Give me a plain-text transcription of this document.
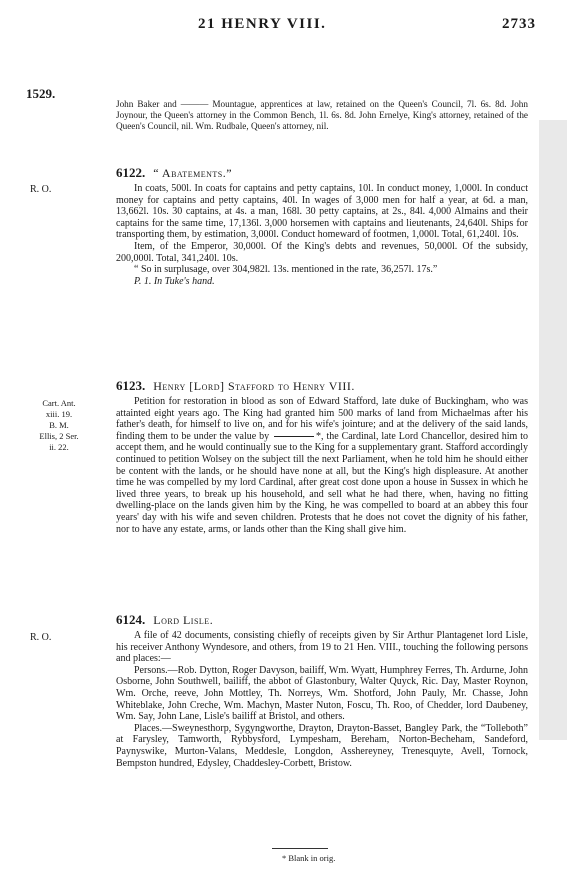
21 HENRY VIII.	2733
1529.

John Baker and ——— Mountague, apprentices at law, retained on the Queen's Council, 7l. 6s. 8d. John Joynour, the Queen's attorney in the Common Bench, 1l. 6s. 8d. John Ernelye, King's attorney, retained of the Queen's Council, nil. Wm. Rudbale, Queen's attorney, nil.

6122. “ Abatements.”
R. O.	In coats, 500l. In coats for captains and petty captains, 10l. In conduct money, 1,000l. In conduct money for captains and petty captains, 40l. In wages of 3,000 men for half a year, at 6d. a man, 13,662l. 10s. 30 captains, at 4s. a man, 168l. 30 petty captains, at 2s., 84l. 4,000 Almains and their captains for the same time, 17,136l. 3,000 horsemen with captains and lieutenants, 24,640l. Ships for transporting them, by estimation, 3,000l. Conduct homeward of footmen, 1,000l. Total, 61,240l. 10s.

Item, of the Emperor, 30,000l. Of the King's debts and revenues, 50,000l. Of the subsidy, 200,000l. Total, 341,240l. 10s.

“ So in surplusage, over 304,982l. 13s. mentioned in the rate, 36,257l. 17s.”

P. 1. In Tuke's hand.

6123. Henry [Lord] Stafford to Henry VIII.
Cart. Ant.
xiii. 19.
B. M.
Ellis, 2 Ser.
ii. 22.

Petition for restoration in blood as son of Edward Stafford, late duke of Buckingham, who was attainted eight years ago. The King had granted him 500 marks of land from Michaelmas after his father's death, for himself to live on, and for his wife's jointure; and at the delivery of the said lands, finding them to be under the value by	*, the Cardinal, late Lord Chancellor, desired him to accept them, and he would continually sue to the King for a supplementary grant. Stafford accordingly continued to petition Wolsey on the subject till the next Parliament, when he told him he should either be content with the lands, or he should have none at all, but the King's high displeasure. At another time he was compelled by my lord Cardinal, after great cost done upon a house in Sussex in which he lived three years, to break up his household, and sell what he had there, when, having no fitting dwelling-place on the lands given him by the King, he was compelled to board at an abbey this four years' day with his wife and seven children. Protests that he does not covet the dignity of his father, nor to have any estate, arms, or lands other than the King shall give him.

6124. Lord Lisle.
R. O.	A file of 42 documents, consisting chiefly of receipts given by Sir Arthur Plantagenet lord Lisle, his receiver Anthony Wyndesore, and others, from 19 to 21 Hen. VIII., touching the following persons and places:—

Persons.—Rob. Dytton, Roger Davyson, bailiff, Wm. Wyatt, Humphrey Ferres, Th. Ardurne, John Osborne, John Southwell, bailiff, the abbot of Glastonbury, Walter Quyck, Ric. Day, Master Roynon, Wm. Orche, reeve, John Mottley, Th. Norreys, Wm. Shotford, John Pauly, Mr. Chasse, John Whiteblake, John Creche, Wm. Machyn, Master Nuton, Foscu, Th. Roo, of Chedder, lord Daubeney, Wm. Say, John Lane, Lisle's bailiff at Bristol, and others.

Places.—Sweynesthorp, Sygyngworthe, Drayton, Drayton-Basset, Bangley Park, the “Tolleboth” at Farysley, Tamworth, Rybbysford, Lympesham, Bereham, Norton-Becheham, Sandeford, Paynyswike, Murton-Valans, Meddesle, Longdon, Asshereyney, Trenesquyte, Avell, Tornock, Bempston hundred, Edysley, Chaddesley-Corbett, Bristow.

* Blank in orig.
